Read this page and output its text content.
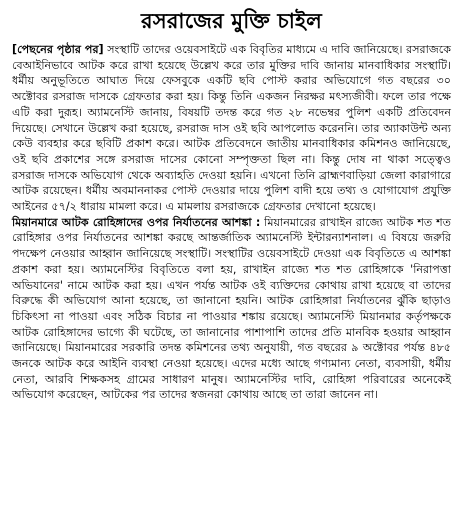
রসরাজের মুক্তি চাইল

[পেছনের পৃষ্ঠার পর] সংস্থাটি তাদের ওয়েবসাইটে এক বিবৃতির মাধ্যমে এ দাবি জানিয়েছে। রসরাজকে বেআইনিভাবে আটক করে রাখা হয়েছে উল্লেখ করে তার মুক্তির দাবি জানায় মানবাধিকার সংস্থাটি। ধর্মীয় অনুভূতিতে আঘাত দিয়ে ফেসবুকে একটি ছবি পোস্ট করার অভিযোগে গত বছরের ৩০ অক্টোবর রসরাজ দাসকে গ্রেফতার করা হয়। কিন্তু তিনি একজন নিরক্ষর মৎস্যজীবী। ফলে তার পক্ষে এটি করা দুরূহ। অ্যামনেস্টি জানায়, বিষয়টি তদন্ত করে গত ২৮ নভেম্বর পুলিশ একটি প্রতিবেদন দিয়েছে। সেখানে উল্লেখ করা হয়েছে, রসরাজ দাস ওই ছবি আপলোড করেননি। তার অ্যাকাউন্ট অন্য কেউ ব্যবহার করে ছবিটি প্রকাশ করে। আটক প্রতিবেদনে জাতীয় মানবাধিকার কমিশনও জানিয়েছে, ওই ছবি প্রকাশের সঙ্গে রসরাজ দাসের কোনো সম্পৃক্ততা ছিল না। কিন্তু দোষ না থাকা সত্ত্বেও রসরাজ দাসকে অভিযোগ থেকে অব্যাহতি দেওয়া হয়নি। এখনো তিনি ব্রাহ্মণবাড়িয়া জেলা কারাগারে আটক রয়েছেন। ধর্মীয় অবমাননাকর পোস্ট দেওয়ার দায়ে পুলিশ বাদী হয়ে তথ্য ও যোগাযোগ প্রযুক্তি আইনের ৫৭/২ ধারায় মামলা করে। এ মামলায় রসরাজকে গ্রেফতার দেখানো হয়েছে।

মিয়ানমারে আটক রোহিঙ্গাদের ওপর নির্যাতনের আশঙ্কা : মিয়ানমারের রাখাইন রাজ্যে আটক শত শত রোহিঙ্গার ওপর নির্যাতনের আশঙ্কা করছে আন্তর্জাতিক অ্যামনেস্টি ইন্টারন্যাশনাল। এ বিষয়ে জরুরি পদক্ষেপ নেওয়ার আহ্বান জানিয়েছে সংস্থাটি। সংস্থাটির ওয়েবসাইটে দেওয়া এক বিবৃতিতে এ আশঙ্কা প্রকাশ করা হয়। অ্যামনেস্টির বিবৃতিতে বলা হয়, রাখাইন রাজ্যে শত শত রোহিঙ্গাকে 'নিরাপত্তা অভিযানের' নামে আটক করা হয়। এখন পর্যন্ত আটক ওই ব্যক্তিদের কোথায় রাখা হয়েছে বা তাদের বিরুদ্ধে কী অভিযোগ আনা হয়েছে, তা জানানো হয়নি। আটক রোহিঙ্গারা নির্যাতনের ঝুঁকি ছাড়াও চিকিৎসা না পাওয়া এবং সঠিক বিচার না পাওয়ার শঙ্কায় রয়েছে। অ্যামনেস্টি মিয়ানমার কর্তৃপক্ষকে আটক রোহিঙ্গাদের ভাগ্যে কী ঘটেছে, তা জানানোর পাশাপাশি তাদের প্রতি মানবিক হওয়ার আহ্বান জানিয়েছে। মিয়ানমারের সরকারি তদন্ত কমিশনের তথ্য অনুযায়ী, গত বছরের ৯ অক্টোবর পর্যন্ত ৪৮৫ জনকে আটক করে আইনি ব্যবস্থা নেওয়া হয়েছে। এদের মধ্যে আছে গণ্যমান্য নেতা, ব্যবসায়ী, ধর্মীয় নেতা, আরবি শিক্ষকসহ গ্রামের সাধারণ মানুষ। অ্যামনেস্টির দাবি, রোহিঙ্গা পরিবারের অনেকেই অভিযোগ করেছেন, আটকের পর তাদের স্বজনরা কোথায় আছে তা তারা জানেন না।
